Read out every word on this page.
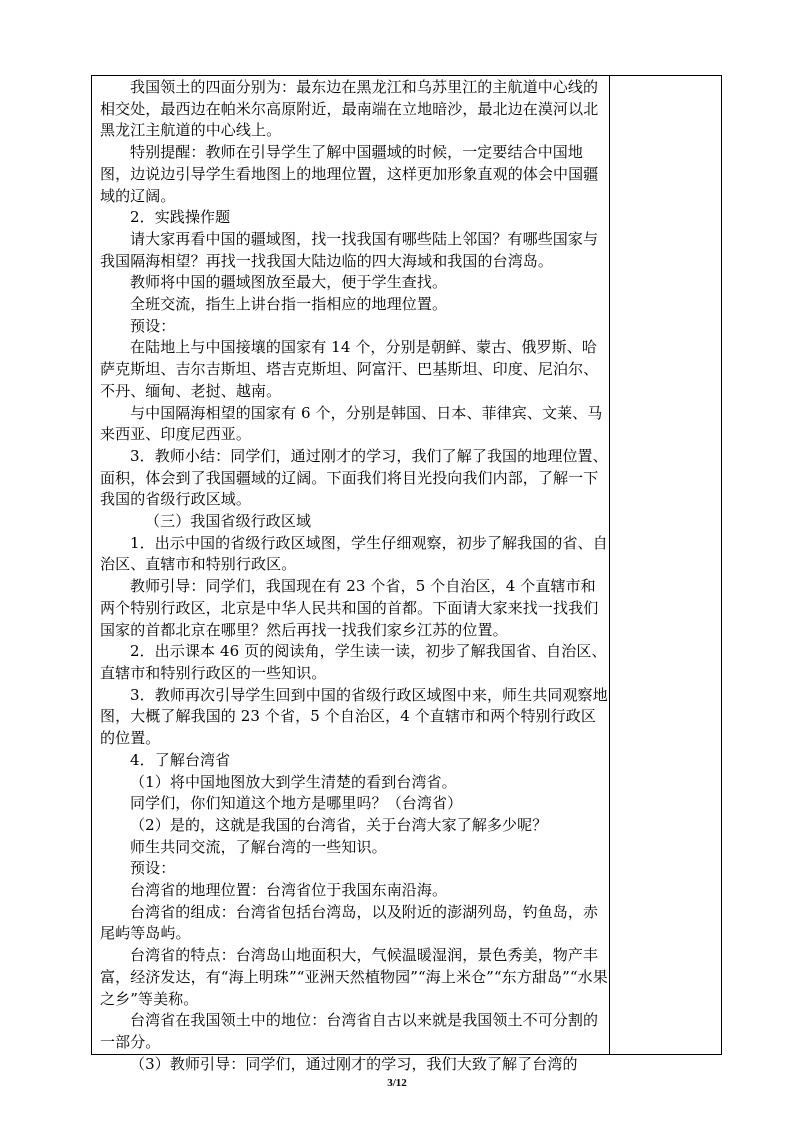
我国领土的四面分别为：最东边在黑龙江和乌苏里江的主航道中心线的相交处，最西边在帕米尔高原附近，最南端在立地暗沙，最北边在漠河以北黑龙江主航道的中心线上。

特别提醒：教师在引导学生了解中国疆域的时候，一定要结合中国地图，边说边引导学生看地图上的地理位置，这样更加形象直观的体会中国疆域的辽阔。

2．实践操作题

请大家再看中国的疆域图，找一找我国有哪些陆上邻国？有哪些国家与我国隔海相望？再找一找我国大陆边临的四大海域和我国的台湾岛。

教师将中国的疆域图放至最大，便于学生查找。

全班交流，指生上讲台指一指相应的地理位置。

预设：

在陆地上与中国接壤的国家有 14 个，分别是朝鲜、蒙古、俄罗斯、哈萨克斯坦、吉尔吉斯坦、塔吉克斯坦、阿富汗、巴基斯坦、印度、尼泊尔、不丹、缅甸、老挝、越南。

与中国隔海相望的国家有 6 个，分别是韩国、日本、菲律宾、文莱、马来西亚、印度尼西亚。

3．教师小结：同学们，通过刚才的学习，我们了解了我国的地理位置、面积，体会到了我国疆域的辽阔。下面我们将目光投向我们内部，了解一下我国的省级行政区域。

（三）我国省级行政区域

1．出示中国的省级行政区域图，学生仔细观察，初步了解我国的省、自治区、直辖市和特别行政区。

教师引导：同学们，我国现在有 23 个省，5 个自治区，4 个直辖市和两个特别行政区，北京是中华人民共和国的首都。下面请大家来找一找我们国家的首都北京在哪里？然后再找一找我们家乡江苏的位置。

2．出示课本 46 页的阅读角，学生读一读，初步了解我国省、自治区、直辖市和特别行政区的一些知识。

3．教师再次引导学生回到中国的省级行政区域图中来，师生共同观察地图，大概了解我国的 23 个省，5 个自治区，4 个直辖市和两个特别行政区的位置。

4．了解台湾省

（1）将中国地图放大到学生清楚的看到台湾省。

同学们，你们知道这个地方是哪里吗？（台湾省）

（2）是的，这就是我国的台湾省，关于台湾大家了解多少呢？

师生共同交流，了解台湾的一些知识。

预设：

台湾省的地理位置：台湾省位于我国东南沿海。

台湾省的组成：台湾省包括台湾岛，以及附近的澎湖列岛，钓鱼岛，赤尾屿等岛屿。

台湾省的特点：台湾岛山地面积大，气候温暖湿润，景色秀美，物产丰富，经济发达，有“海上明珠”“亚洲天然植物园”“海上米仓”“东方甜岛”“水果之乡”等美称。

台湾省在我国领土中的地位：台湾省自古以来就是我国领土不可分割的一部分。

（3）教师引导：同学们，通过刚才的学习，我们大致了解了台湾的

3/12
